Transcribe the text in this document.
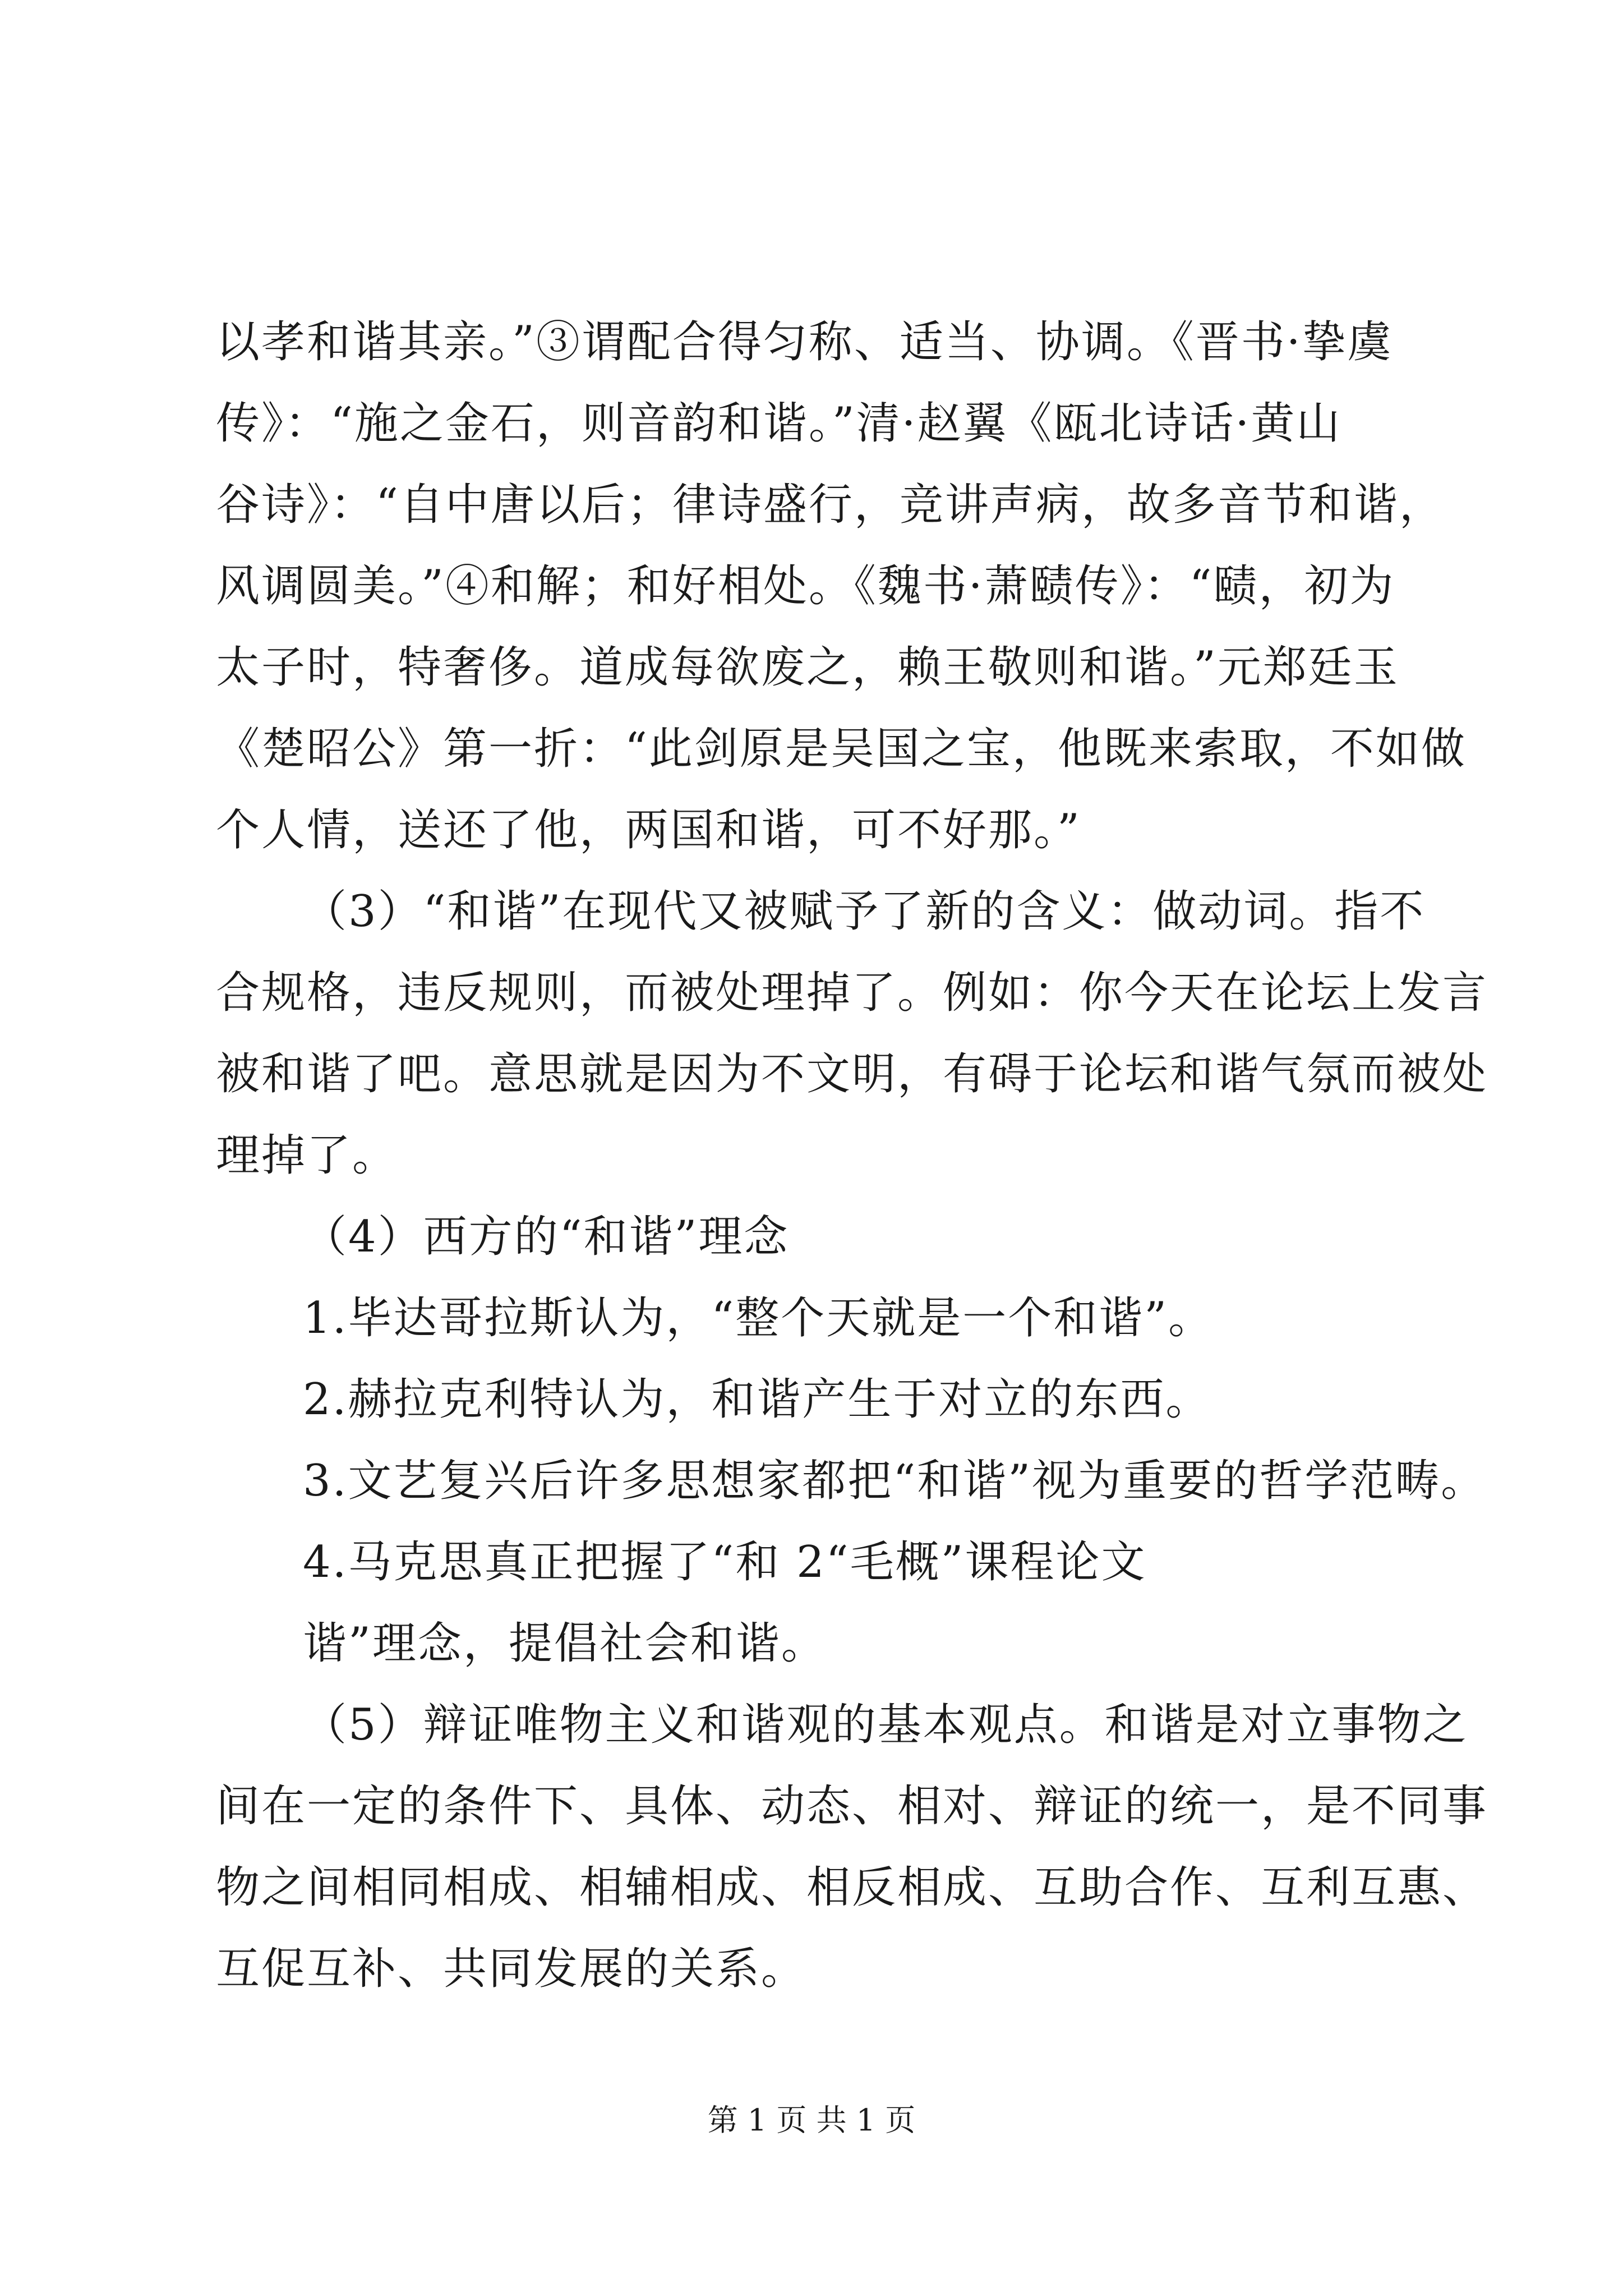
以孝和谐其亲。”③谓配合得匀称、适当、协调。《晋书·挚虞
传》：“施之金石，则音韵和谐。”清·赵翼《瓯北诗话·黄山
谷诗》：“自中唐以后；律诗盛行，竞讲声病，故多音节和谐，
风调圆美。”④和解；和好相处。《魏书·萧赜传》：“赜，初为
太子时，特奢侈。道成每欲废之，赖王敬则和谐。”元郑廷玉
《楚昭公》第一折：“此剑原是吴国之宝，他既来索取，不如做
个人情，送还了他，两国和谐，可不好那。”
（3）“和谐”在现代又被赋予了新的含义：做动词。指不
合规格，违反规则，而被处理掉了。例如：你今天在论坛上发言
被和谐了吧。意思就是因为不文明，有碍于论坛和谐气氛而被处
理掉了。
（4）西方的“和谐”理念
1.毕达哥拉斯认为，“整个天就是一个和谐”。
2.赫拉克利特认为，和谐产生于对立的东西。
3.文艺复兴后许多思想家都把“和谐”视为重要的哲学范畴。
4.马克思真正把握了“和 2“毛概”课程论文
谐”理念，提倡社会和谐。
（5）辩证唯物主义和谐观的基本观点。和谐是对立事物之
间在一定的条件下、具体、动态、相对、辩证的统一，是不同事
物之间相同相成、相辅相成、相反相成、互助合作、互利互惠、
互促互补、共同发展的关系。
第 1 页 共 1 页
